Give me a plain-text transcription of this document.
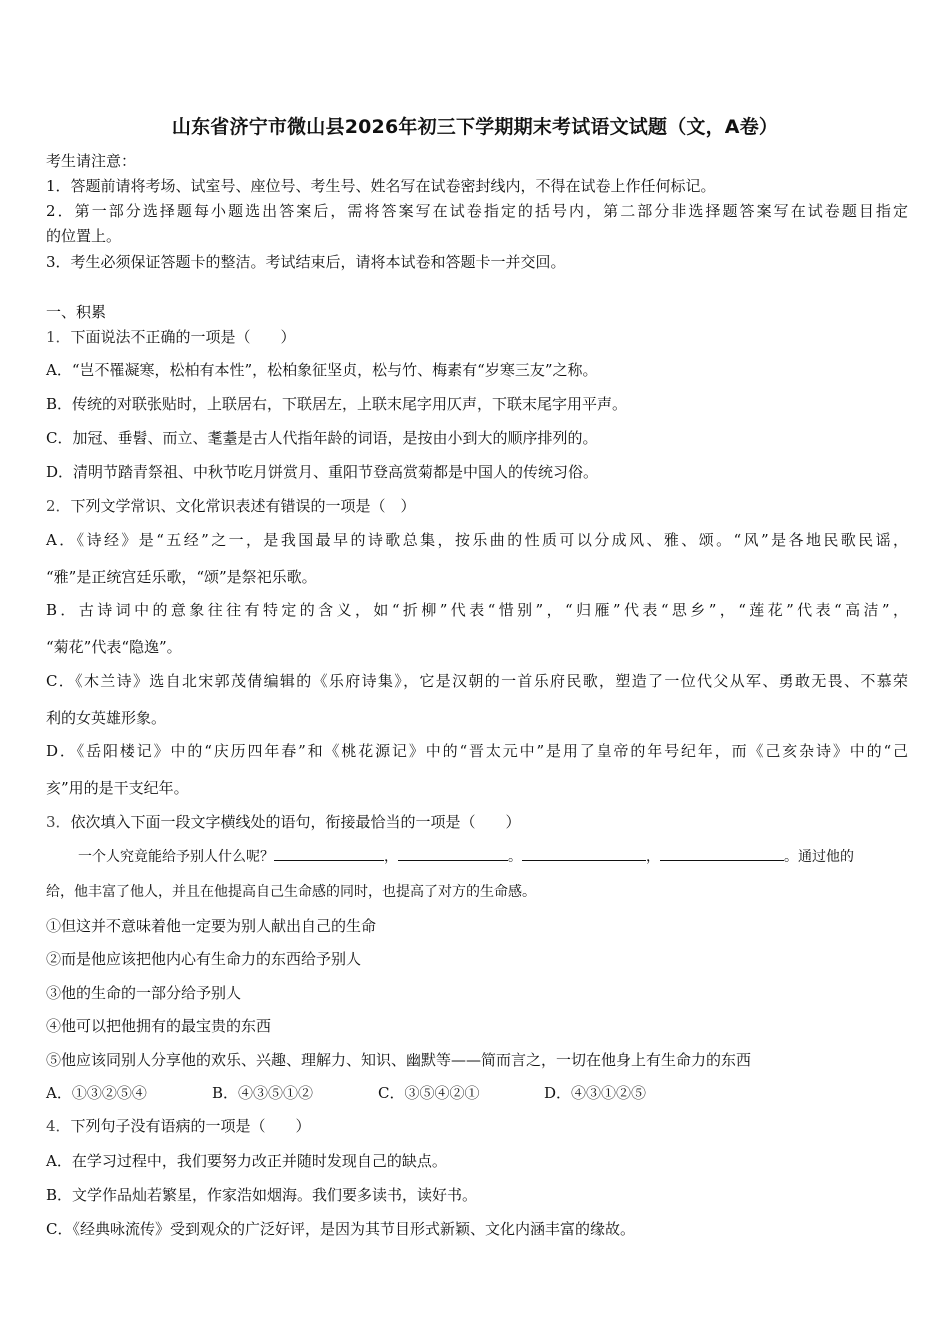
山东省济宁市微山县2026年初三下学期期末考试语文试题（文，A卷）
考生请注意：
1．答题前请将考场、试室号、座位号、考生号、姓名写在试卷密封线内，不得在试卷上作任何标记。
2．第一部分选择题每小题选出答案后，需将答案写在试卷指定的括号内，第二部分非选择题答案写在试卷题目指定
的位置上。
3．考生必须保证答题卡的整洁。考试结束后，请将本试卷和答题卡一并交回。
一、积累
1．下面说法不正确的一项是（　　）
A．“岂不罹凝寒，松柏有本性”，松柏象征坚贞，松与竹、梅素有“岁寒三友”之称。
B．传统的对联张贴时，上联居右，下联居左，上联末尾字用仄声，下联末尾字用平声。
C．加冠、垂髫、而立、耄耋是古人代指年龄的词语，是按由小到大的顺序排列的。
D．清明节踏青祭祖、中秋节吃月饼赏月、重阳节登高赏菊都是中国人的传统习俗。
2．下列文学常识、文化常识表述有错误的一项是（　）
A．《诗经》是“五经”之一，是我国最早的诗歌总集，按乐曲的性质可以分成风、雅、颂。“风”是各地民歌民谣，
“雅”是正统宫廷乐歌，“颂”是祭祀乐歌。
B．古诗词中的意象往往有特定的含义，如“折柳”代表“惜别”，“归雁”代表“思乡”，“莲花”代表“高洁”，
“菊花”代表“隐逸”。
C．《木兰诗》选自北宋郭茂倩编辑的《乐府诗集》，它是汉朝的一首乐府民歌，塑造了一位代父从军、勇敢无畏、不慕荣
利的女英雄形象。
D．《岳阳楼记》中的“庆历四年春”和《桃花源记》中的“晋太元中”是用了皇帝的年号纪年，而《己亥杂诗》中的“己
亥”用的是干支纪年。
3．依次填入下面一段文字横线处的语句，衔接最恰当的一项是（　　）
一个人究竟能给予别人什么呢？	，	。	，	。通过他的
给，他丰富了他人，并且在他提高自己生命感的同时，也提高了对方的生命感。
①但这并不意味着他一定要为别人献出自己的生命
②而是他应该把他内心有生命力的东西给予别人
③他的生命的一部分给予别人
④他可以把他拥有的最宝贵的东西
⑤他应该同别人分享他的欢乐、兴趣、理解力、知识、幽默等——简而言之，一切在他身上有生命力的东西
A．①③②⑤④	B．④③⑤①②	C．③⑤④②①	D．④③①②⑤
4．下列句子没有语病的一项是（　　）
A．在学习过程中，我们要努力改正并随时发现自己的缺点。
B．文学作品灿若繁星，作家浩如烟海。我们要多读书，读好书。
C．《经典咏流传》受到观众的广泛好评，是因为其节目形式新颖、文化内涵丰富的缘故。
